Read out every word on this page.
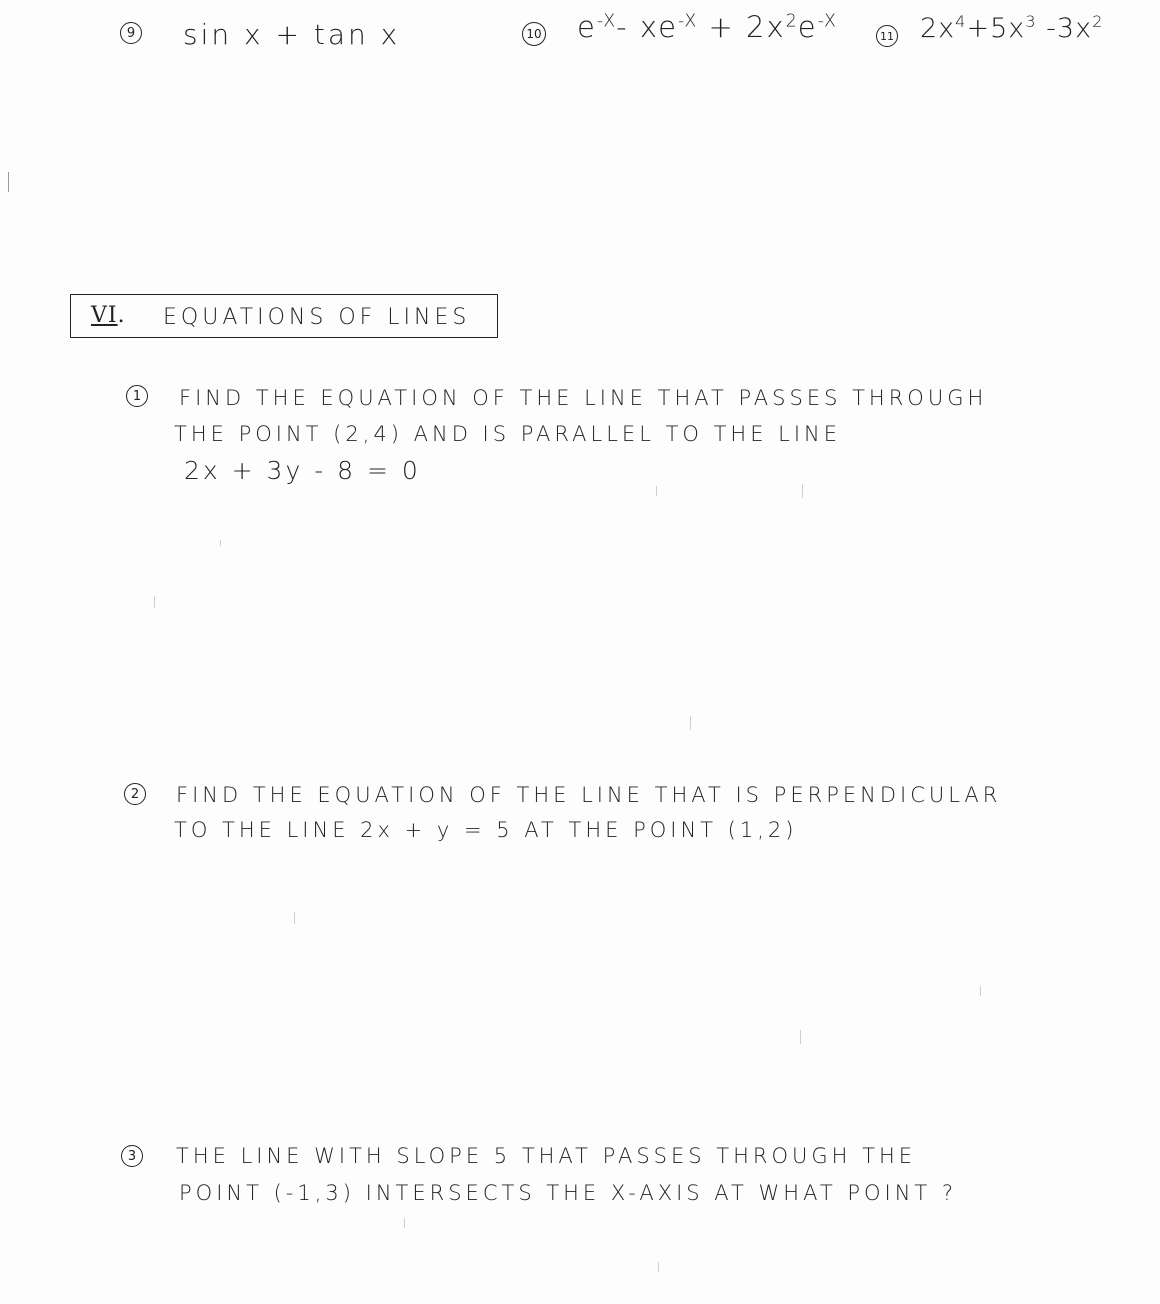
9 sin x + tan x	10 $e^{-X}-$ $xe^{-X} + 2x^2e^{-X}$
11 $2x^4+5x^3$ $-3x^2$
VI. EQUATIONS OF LINES
1	FIND THE EQUATION OF THE LINE THAT PASSES THROUGH
THE POINT (2,4) AND IS PARALLEL TO THE LINE
2x + 3y - 8 = 0
2	FIND THE EQUATION OF THE LINE THAT IS PERPENDICULAR
TO THE LINE 2x + y = 5 AT THE POINT (1,2)
3	THE LINE WITH SLOPE 5 THAT PASSES THROUGH THE
POINT (-1,3) INTERSECTS THE X-AXIS AT WHAT POINT ?
